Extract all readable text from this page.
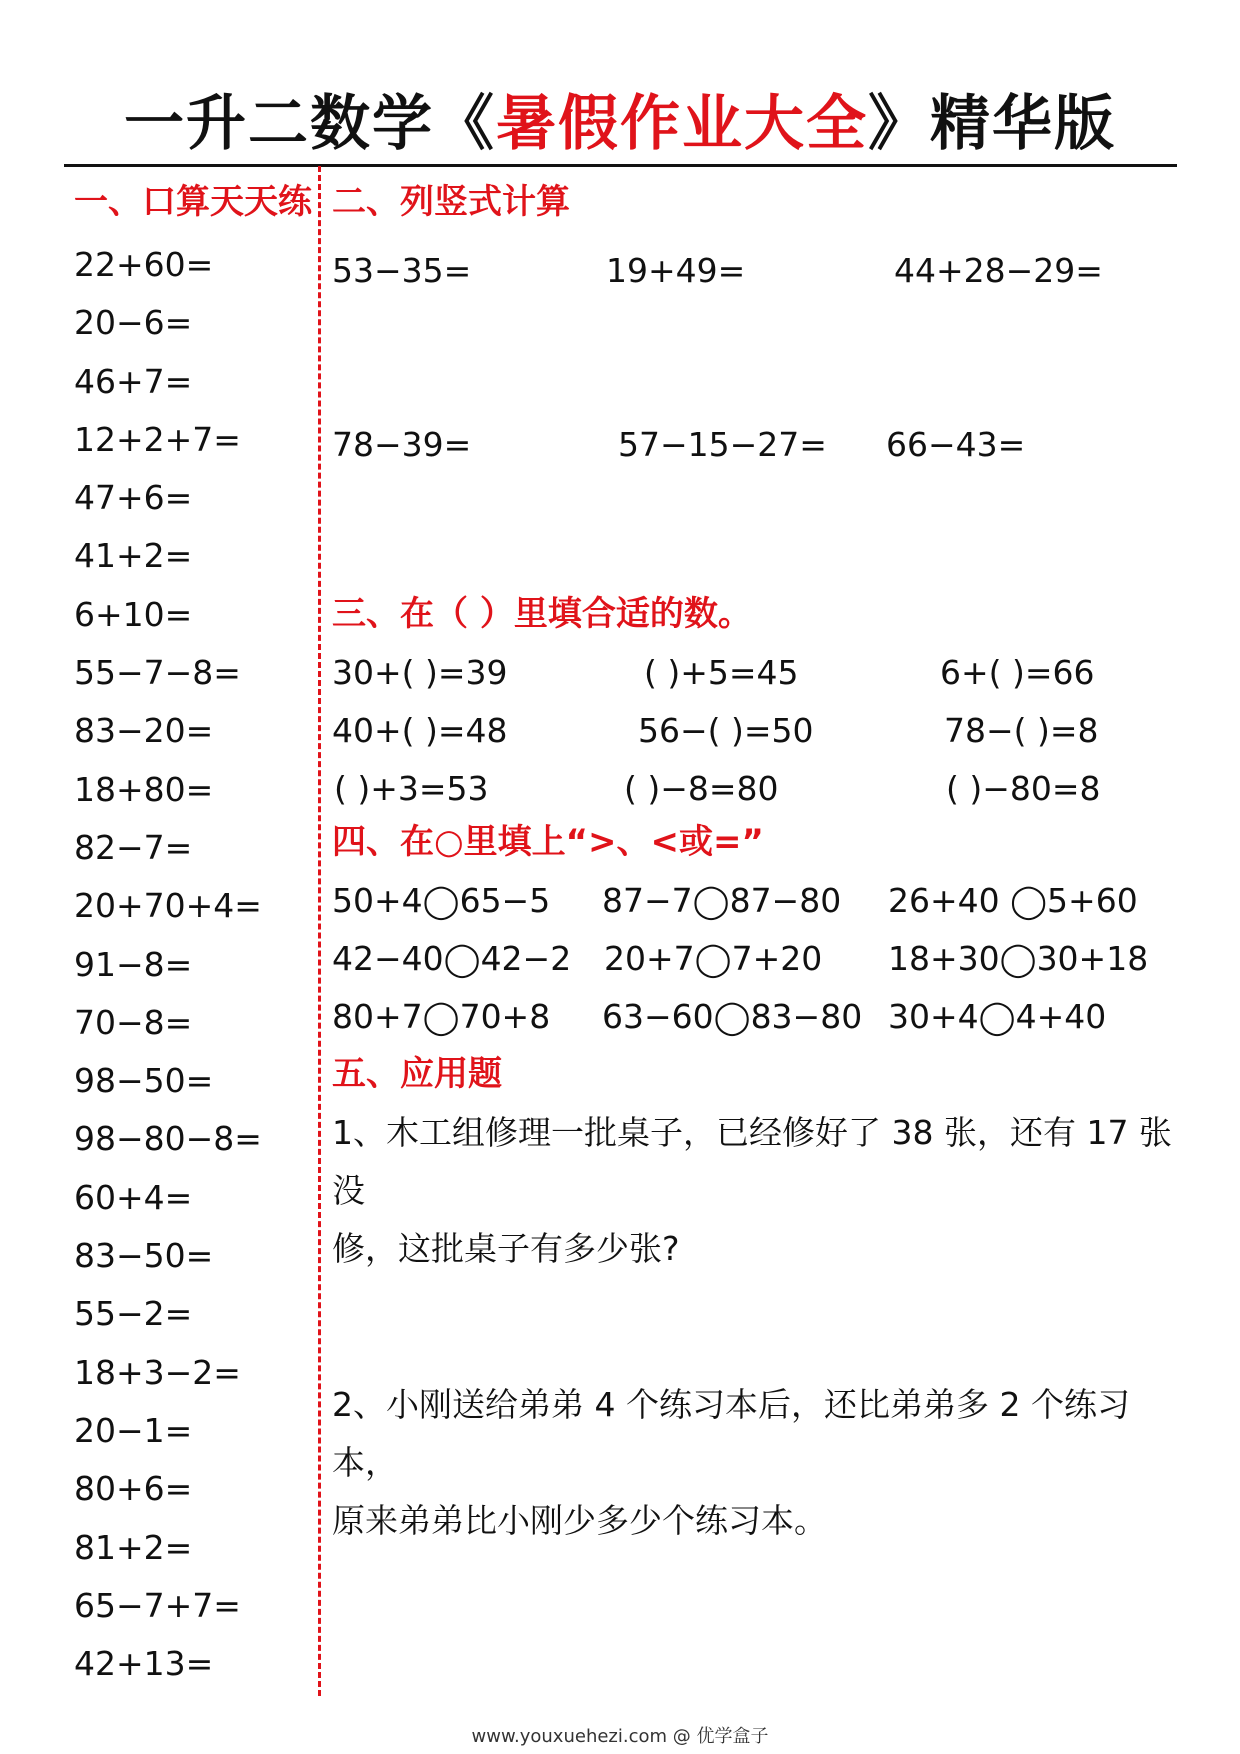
一升二数学《暑假作业大全》精华版
一、口算天天练
22+60=
20−6=
46+7=
12+2+7=
47+6=
41+2=
6+10=
55−7−8=
83−20=
18+80=
82−7=
20+70+4=
91−8=
70−8=
98−50=
98−80−8=
60+4=
83−50=
55−2=
18+3−2=
20−1=
80+6=
81+2=
65−7+7=
42+13=
二、列竖式计算
53−35=	19+49=	44+28−29=
78−39=	57−15−27= 66−43=
三、在（ ）里填合适的数。
30+( )=39	( )+5=45	6+( )=66
40+( )=48	56−( )=50	78−( )=8
( )+3=53	( )−8=80	( )−80=8
四、在○里填上“>、<或=”
50+4◯65−5 87−7◯87−80 26+40 ◯5+60
42−40◯42−2 20+7◯7+20 18+30◯30+18
80+7◯70+8 63−60◯83−80 30+4◯4+40
五、应用题
1、木工组修理一批桌子，已经修好了 38 张，还有 17 张没
修，这批桌子有多少张?
2、小刚送给弟弟 4 个练习本后，还比弟弟多 2 个练习本，
原来弟弟比小刚少多少个练习本。
www.youxuehezi.com @ 优学盒子
